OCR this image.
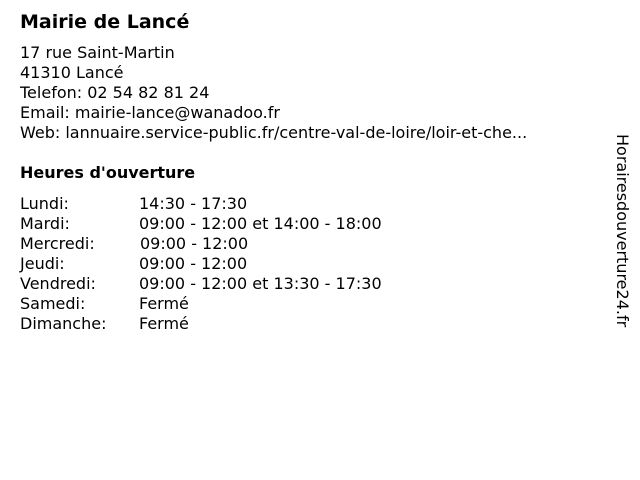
Mairie de Lancé
17 rue Saint-Martin
41310 Lancé
Telefon: 02 54 82 81 24
Email: mairie-lance@wanadoo.fr
Web: lannuaire.service-public.fr/centre-val-de-loire/loir-et-che...
Heures d'ouverture
Lundi:	14:30 - 17:30
Mardi:	09:00 - 12:00 et 14:00 - 18:00
Mercredi:	09:00 - 12:00
Jeudi:	09:00 - 12:00
Vendredi:	09:00 - 12:00 et 13:30 - 17:30
Samedi:	Fermé
Dimanche: Fermé	Horairesdouverture24.fr
